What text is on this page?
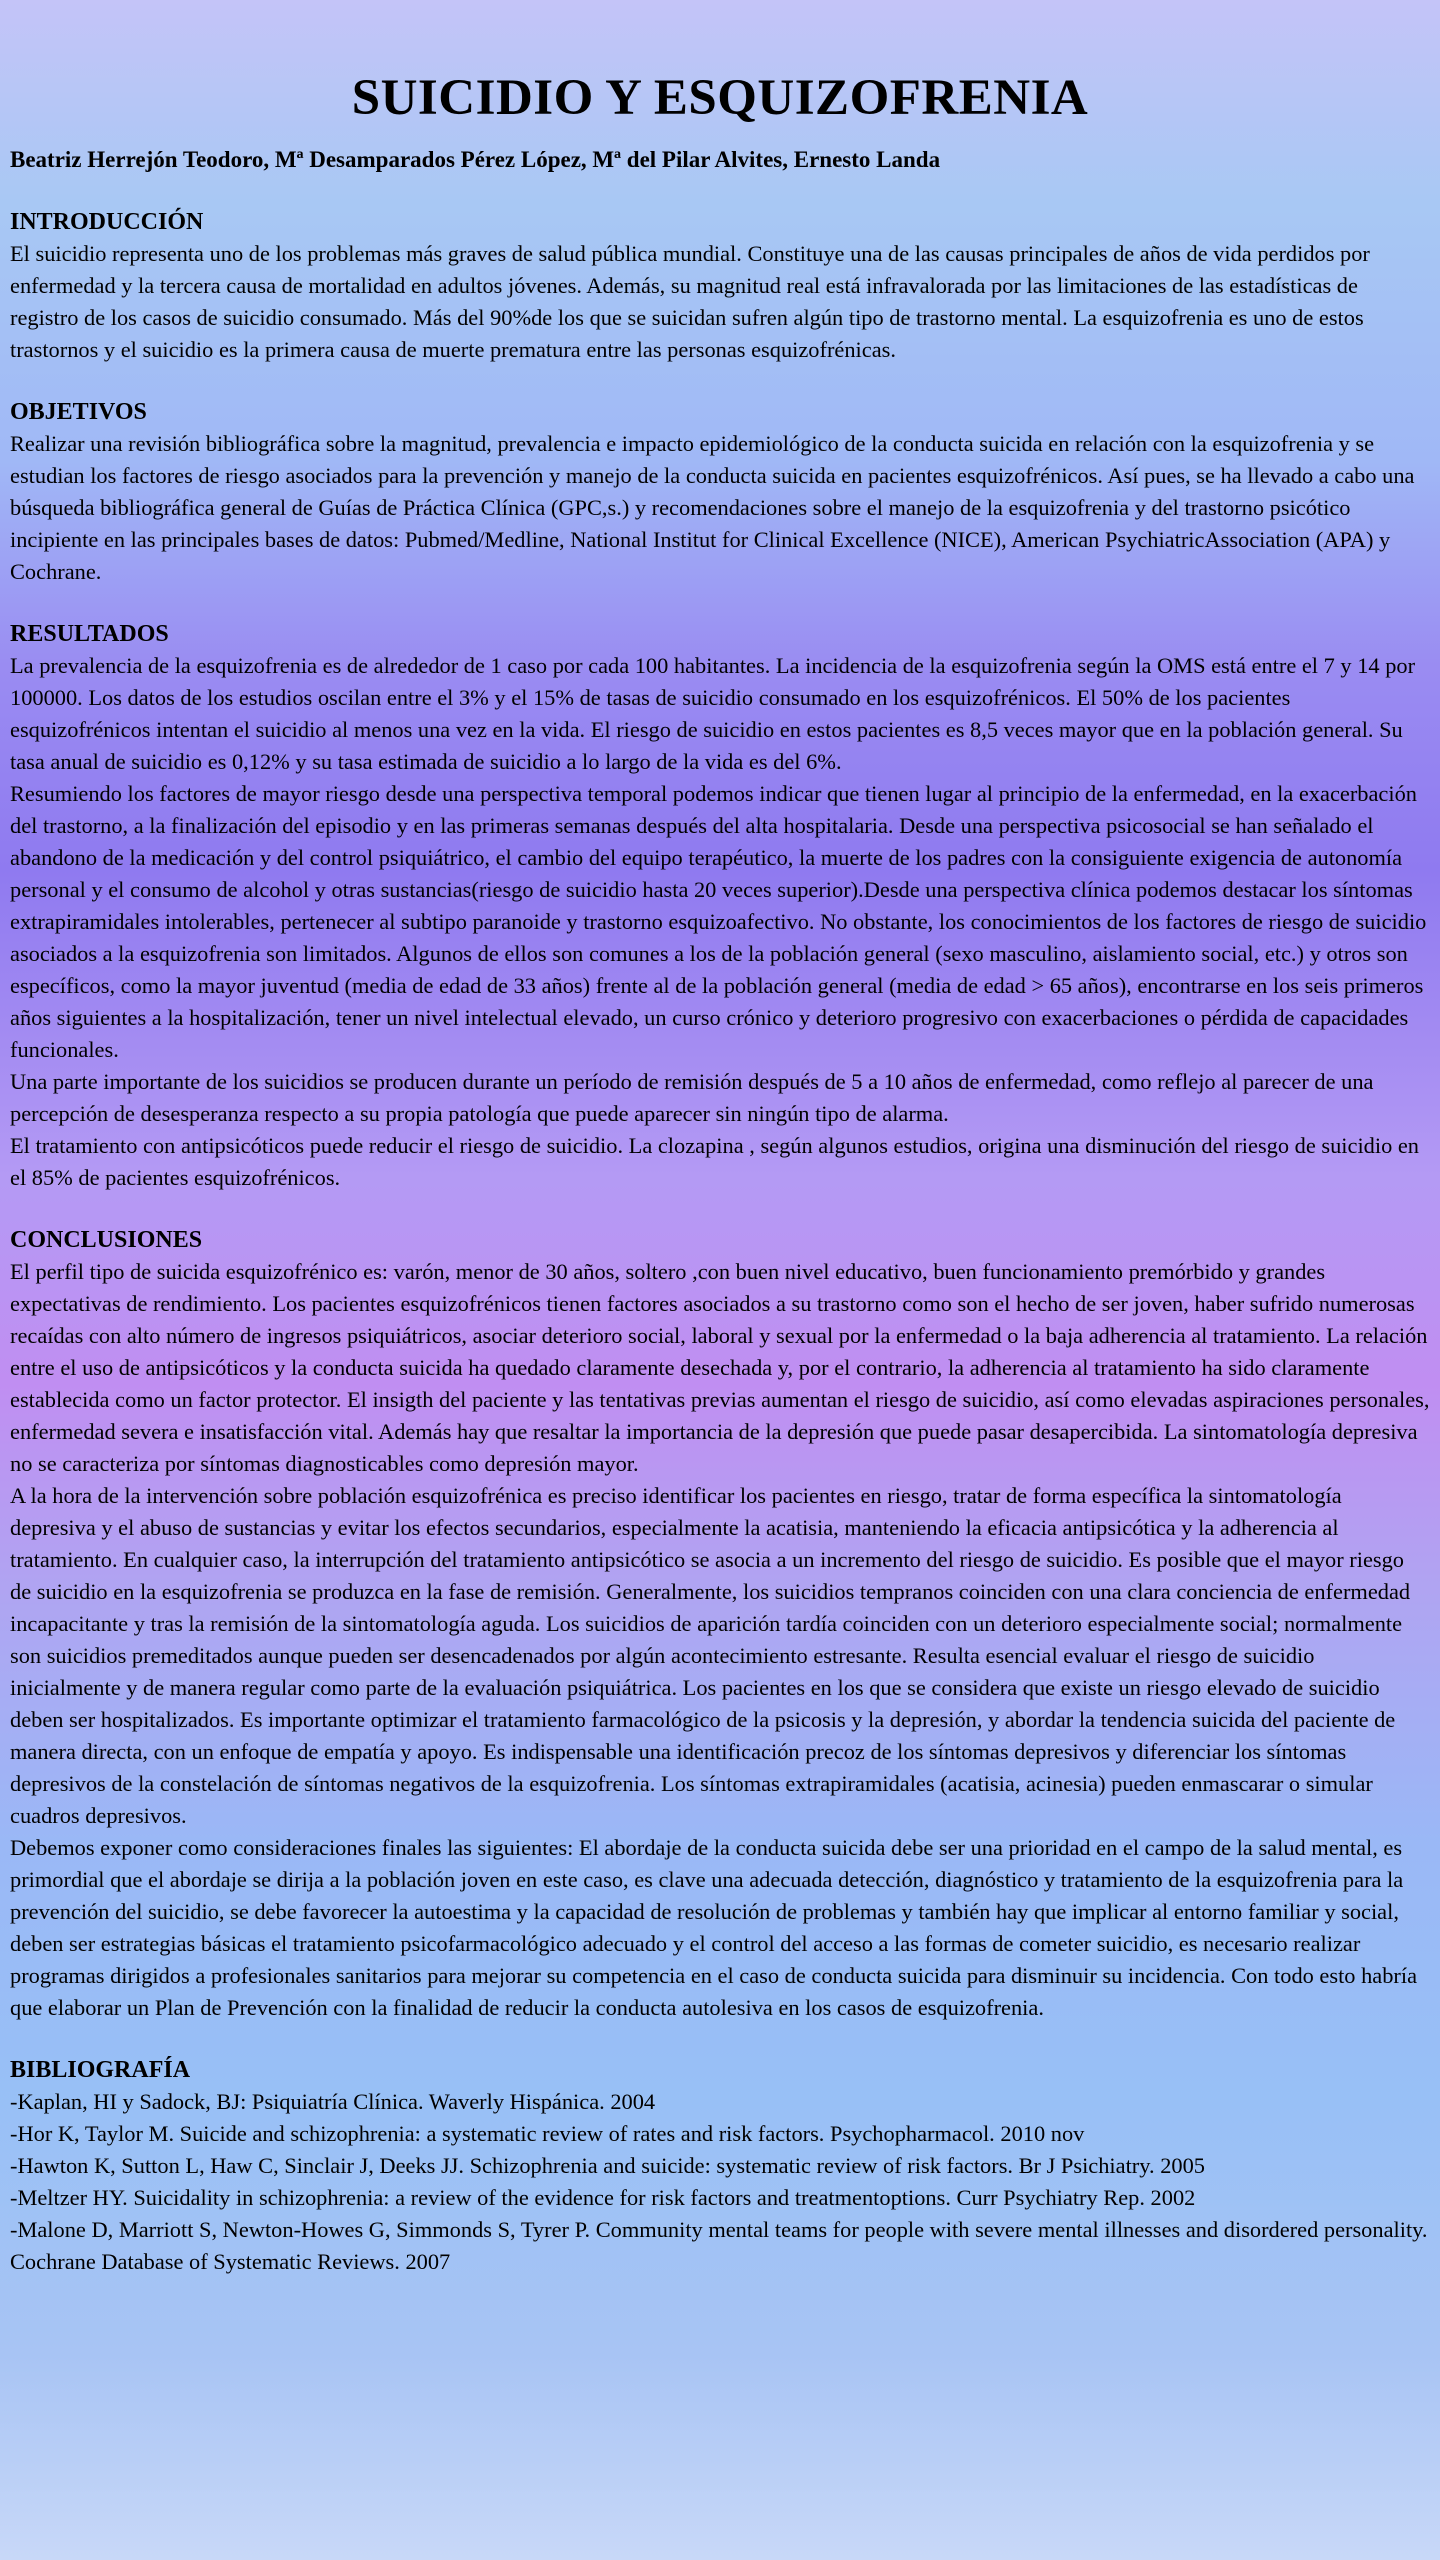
SUICIDIO Y ESQUIZOFRENIA

Beatriz Herrejón Teodoro, Mª Desamparados Pérez López, Mª del Pilar Alvites, Ernesto Landa

INTRODUCCIÓN

El suicidio representa uno de los problemas más graves de salud pública mundial. Constituye una de las causas principales de años de vida perdidos por enfermedad y la tercera causa de mortalidad en adultos jóvenes. Además, su magnitud real está infravalorada por las limitaciones de las estadísticas de registro de los casos de suicidio consumado. Más del 90%de los que se suicidan sufren algún tipo de trastorno mental. La esquizofrenia es uno de estos trastornos y el suicidio es la primera causa de muerte prematura entre las personas esquizofrénicas.

OBJETIVOS

Realizar una revisión bibliográfica sobre la magnitud, prevalencia e impacto epidemiológico de la conducta suicida en relación con la esquizofrenia y se estudian los factores de riesgo asociados para la prevención y manejo de la conducta suicida en pacientes esquizofrénicos. Así pues, se ha llevado a cabo una búsqueda bibliográfica general de Guías de Práctica Clínica (GPC,s.) y recomendaciones sobre el manejo de la esquizofrenia y del trastorno psicótico incipiente en las principales bases de datos: Pubmed/Medline, National Institut for Clinical Excellence (NICE), American PsychiatricAssociation (APA) y Cochrane.

RESULTADOS

La prevalencia de la esquizofrenia es de alrededor de 1 caso por cada 100 habitantes. La incidencia de la esquizofrenia según la OMS está entre el 7 y 14 por 100000. Los datos de los estudios oscilan entre el 3% y el 15% de tasas de suicidio consumado en los esquizofrénicos. El 50% de los pacientes esquizofrénicos intentan el suicidio al menos una vez en la vida. El riesgo de suicidio en estos pacientes es 8,5 veces mayor que en la población general. Su tasa anual de suicidio es 0,12% y su tasa estimada de suicidio a lo largo de la vida es del 6%.

Resumiendo los factores de mayor riesgo desde una perspectiva temporal podemos indicar que tienen lugar al principio de la enfermedad, en la exacerbación del trastorno, a la finalización del episodio y en las primeras semanas después del alta hospitalaria. Desde una perspectiva psicosocial se han señalado el abandono de la medicación y del control psiquiátrico, el cambio del equipo terapéutico, la muerte de los padres con la consiguiente exigencia de autonomía personal y el consumo de alcohol y otras sustancias(riesgo de suicidio hasta 20 veces superior).Desde una perspectiva clínica podemos destacar los síntomas extrapiramidales intolerables, pertenecer al subtipo paranoide y trastorno esquizoafectivo. No obstante, los conocimientos de los factores de riesgo de suicidio asociados a la esquizofrenia son limitados. Algunos de ellos son comunes a los de la población general (sexo masculino, aislamiento social, etc.) y otros son específicos, como la mayor juventud (media de edad de 33 años) frente al de la población general (media de edad > 65 años), encontrarse en los seis primeros años siguientes a la hospitalización, tener un nivel intelectual elevado, un curso crónico y deterioro progresivo con exacerbaciones o pérdida de capacidades funcionales.

Una parte importante de los suicidios se producen durante un período de remisión después de 5 a 10 años de enfermedad, como reflejo al parecer de una percepción de desesperanza respecto a su propia patología que puede aparecer sin ningún tipo de alarma.

El tratamiento con antipsicóticos puede reducir el riesgo de suicidio. La clozapina , según algunos estudios, origina una disminución del riesgo de suicidio en el 85% de pacientes esquizofrénicos.

CONCLUSIONES

El perfil tipo de suicida esquizofrénico es: varón, menor de 30 años, soltero ,con buen nivel educativo, buen funcionamiento premórbido y grandes expectativas de rendimiento. Los pacientes esquizofrénicos tienen factores asociados a su trastorno como son el hecho de ser joven, haber sufrido numerosas recaídas con alto número de ingresos psiquiátricos, asociar deterioro social, laboral y sexual por la enfermedad o la baja adherencia al tratamiento. La relación entre el uso de antipsicóticos y la conducta suicida ha quedado claramente desechada y, por el contrario, la adherencia al tratamiento ha sido claramente establecida como un factor protector. El insigth del paciente y las tentativas previas aumentan el riesgo de suicidio, así como elevadas aspiraciones personales, enfermedad severa e insatisfacción vital. Además hay que resaltar la importancia de la depresión que puede pasar desapercibida. La sintomatología depresiva no se caracteriza por síntomas diagnosticables como depresión mayor.

A la hora de la intervención sobre población esquizofrénica es preciso identificar los pacientes en riesgo, tratar de forma específica la sintomatología depresiva y el abuso de sustancias y evitar los efectos secundarios, especialmente la acatisia, manteniendo la eficacia antipsicótica y la adherencia al tratamiento. En cualquier caso, la interrupción del tratamiento antipsicótico se asocia a un incremento del riesgo de suicidio. Es posible que el mayor riesgo de suicidio en la esquizofrenia se produzca en la fase de remisión. Generalmente, los suicidios tempranos coinciden con una clara conciencia de enfermedad incapacitante y tras la remisión de la sintomatología aguda. Los suicidios de aparición tardía coinciden con un deterioro especialmente social; normalmente son suicidios premeditados aunque pueden ser desencadenados por algún acontecimiento estresante. Resulta esencial evaluar el riesgo de suicidio inicialmente y de manera regular como parte de la evaluación psiquiátrica. Los pacientes en los que se considera que existe un riesgo elevado de suicidio deben ser hospitalizados. Es importante optimizar el tratamiento farmacológico de la psicosis y la depresión, y abordar la tendencia suicida del paciente de manera directa, con un enfoque de empatía y apoyo. Es indispensable una identificación precoz de los síntomas depresivos y diferenciar los síntomas depresivos de la constelación de síntomas negativos de la esquizofrenia. Los síntomas extrapiramidales (acatisia, acinesia) pueden enmascarar o simular cuadros depresivos.

Debemos exponer como consideraciones finales las siguientes: El abordaje de la conducta suicida debe ser una prioridad en el campo de la salud mental, es primordial que el abordaje se dirija a la población joven en este caso, es clave una adecuada detección, diagnóstico y tratamiento de la esquizofrenia para la prevención del suicidio, se debe favorecer la autoestima y la capacidad de resolución de problemas y también hay que implicar al entorno familiar y social, deben ser estrategias básicas el tratamiento psicofarmacológico adecuado y el control del acceso a las formas de cometer suicidio, es necesario realizar programas dirigidos a profesionales sanitarios para mejorar su competencia en el caso de conducta suicida para disminuir su incidencia. Con todo esto habría que elaborar un Plan de Prevención con la finalidad de reducir la conducta autolesiva en los casos de esquizofrenia.

BIBLIOGRAFÍA

-Kaplan, HI y Sadock, BJ: Psiquiatría Clínica. Waverly Hispánica. 2004

-Hor K, Taylor M. Suicide and schizophrenia: a systematic review of rates and risk factors. Psychopharmacol. 2010 nov

-Hawton K, Sutton L, Haw C, Sinclair J, Deeks JJ. Schizophrenia and suicide: systematic review of risk factors. Br J Psichiatry. 2005

-Meltzer HY. Suicidality in schizophrenia: a review of the evidence for risk factors and treatmentoptions. Curr Psychiatry Rep. 2002

-Malone D, Marriott S, Newton-Howes G, Simmonds S, Tyrer P. Community mental teams for people with severe mental illnesses and disordered personality. Cochrane Database of Systematic Reviews. 2007
